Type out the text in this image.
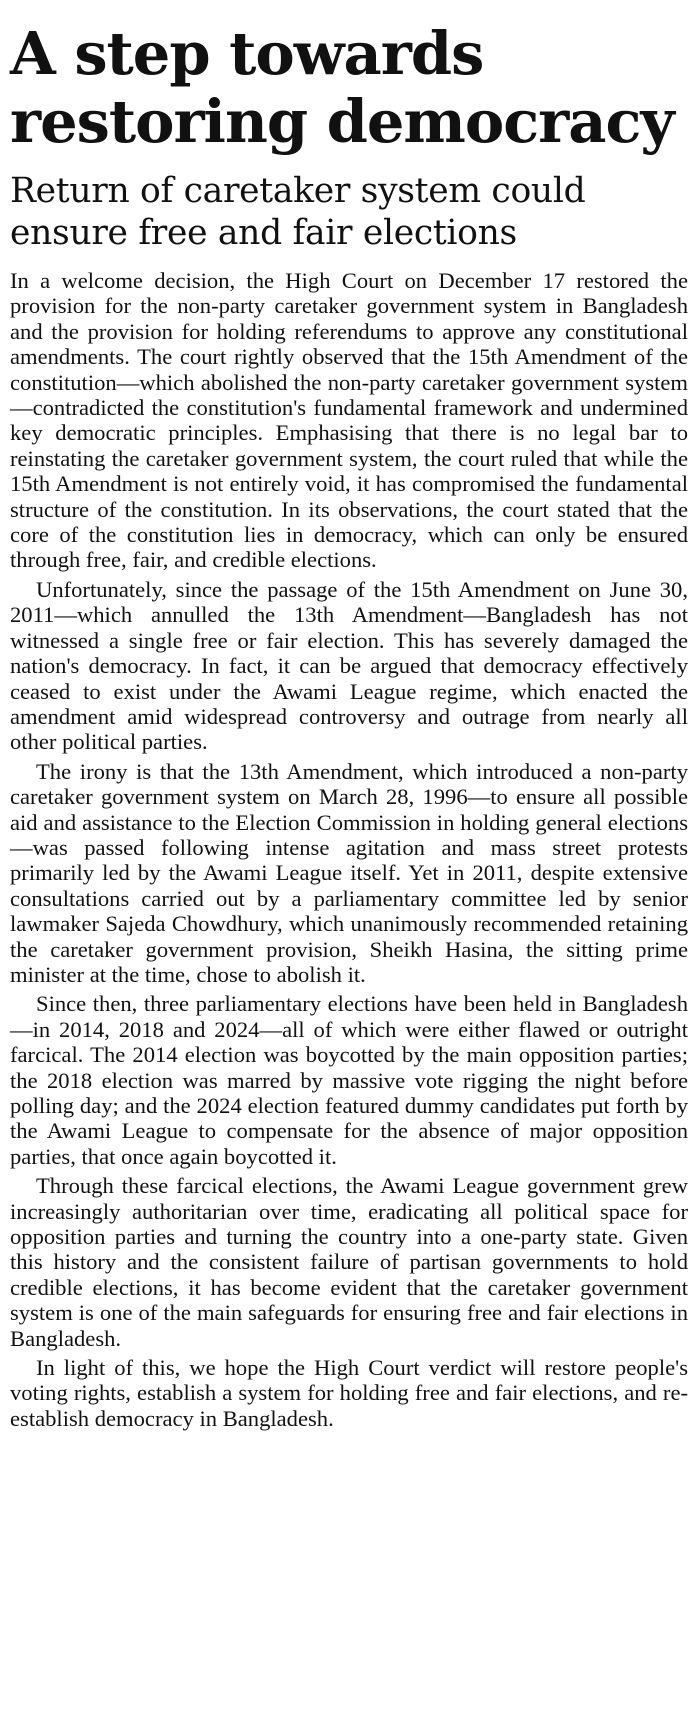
A step towards restoring democracy
Return of caretaker system could ensure free and fair elections

In a welcome decision, the High Court on December 17 restored the provision for the non-party caretaker government system in Bangladesh and the provision for holding referendums to approve any constitutional amendments. The court rightly observed that the 15th Amendment of the constitution—which abolished the non-party caretaker government system—contradicted the constitution's fundamental framework and undermined key democratic principles. Emphasising that there is no legal bar to reinstating the caretaker government system, the court ruled that while the 15th Amendment is not entirely void, it has compromised the fundamental structure of the constitution. In its observations, the court stated that the core of the constitution lies in democracy, which can only be ensured through free, fair, and credible elections.

Unfortunately, since the passage of the 15th Amendment on June 30, 2011—which annulled the 13th Amendment—Bangladesh has not witnessed a single free or fair election. This has severely damaged the nation's democracy. In fact, it can be argued that democracy effectively ceased to exist under the Awami League regime, which enacted the amendment amid widespread controversy and outrage from nearly all other political parties.

The irony is that the 13th Amendment, which introduced a non-party caretaker government system on March 28, 1996—to ensure all possible aid and assistance to the Election Commission in holding general elections—was passed following intense agitation and mass street protests primarily led by the Awami League itself. Yet in 2011, despite extensive consultations carried out by a parliamentary committee led by senior lawmaker Sajeda Chowdhury, which unanimously recommended retaining the caretaker government provision, Sheikh Hasina, the sitting prime minister at the time, chose to abolish it.

Since then, three parliamentary elections have been held in Bangladesh—in 2014, 2018 and 2024—all of which were either flawed or outright farcical. The 2014 election was boycotted by the main opposition parties; the 2018 election was marred by massive vote rigging the night before polling day; and the 2024 election featured dummy candidates put forth by the Awami League to compensate for the absence of major opposition parties, that once again boycotted it.

Through these farcical elections, the Awami League government grew increasingly authoritarian over time, eradicating all political space for opposition parties and turning the country into a one-party state. Given this history and the consistent failure of partisan governments to hold credible elections, it has become evident that the caretaker government system is one of the main safeguards for ensuring free and fair elections in Bangladesh.

In light of this, we hope the High Court verdict will restore people's voting rights, establish a system for holding free and fair elections, and re-establish democracy in Bangladesh.
